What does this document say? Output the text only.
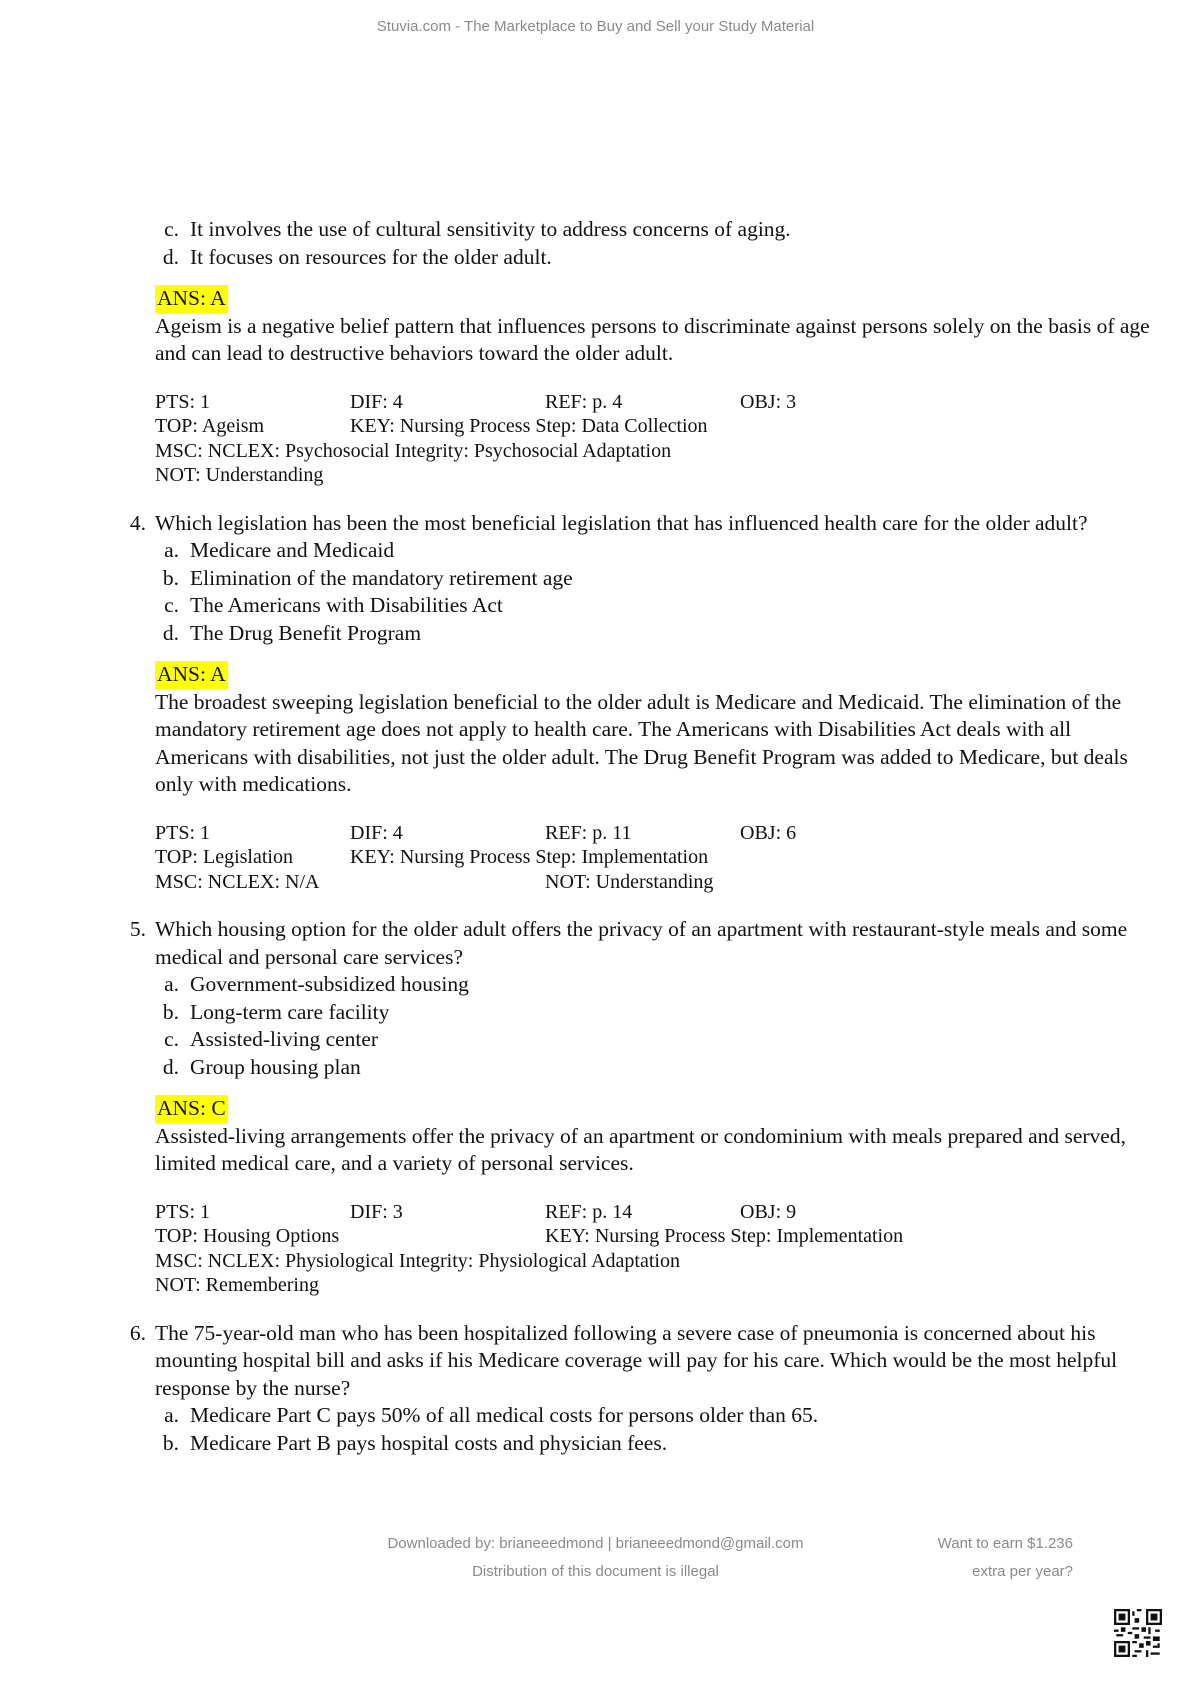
Stuvia.com - The Marketplace to Buy and Sell your Study Material
c. It involves the use of cultural sensitivity to address concerns of aging.
d. It focuses on resources for the older adult.
ANS: A
Ageism is a negative belief pattern that influences persons to discriminate against persons solely on the basis of age and can lead to destructive behaviors toward the older adult.
PTS: 1	DIF: 4	REF: p. 4	OBJ: 3
TOP: Ageism	KEY: Nursing Process Step: Data Collection
MSC: NCLEX: Psychosocial Integrity: Psychosocial Adaptation
NOT: Understanding
4. Which legislation has been the most beneficial legislation that has influenced health care for the older adult?
a. Medicare and Medicaid
b. Elimination of the mandatory retirement age
c. The Americans with Disabilities Act
d. The Drug Benefit Program
ANS: A
The broadest sweeping legislation beneficial to the older adult is Medicare and Medicaid. The elimination of the mandatory retirement age does not apply to health care. The Americans with Disabilities Act deals with all Americans with disabilities, not just the older adult. The Drug Benefit Program was added to Medicare, but deals only with medications.
PTS: 1	DIF: 4	REF: p. 11	OBJ: 6
TOP: Legislation	KEY: Nursing Process Step: Implementation
MSC: NCLEX: N/A	NOT: Understanding
5. Which housing option for the older adult offers the privacy of an apartment with restaurant-style meals and some medical and personal care services?
a. Government-subsidized housing
b. Long-term care facility
c. Assisted-living center
d. Group housing plan
ANS: C
Assisted-living arrangements offer the privacy of an apartment or condominium with meals prepared and served, limited medical care, and a variety of personal services.
PTS: 1	DIF: 3	REF: p. 14	OBJ: 9
TOP: Housing Options	KEY: Nursing Process Step: Implementation
MSC: NCLEX: Physiological Integrity: Physiological Adaptation
NOT: Remembering
6. The 75-year-old man who has been hospitalized following a severe case of pneumonia is concerned about his mounting hospital bill and asks if his Medicare coverage will pay for his care. Which would be the most helpful response by the nurse?
a. Medicare Part C pays 50% of all medical costs for persons older than 65.
b. Medicare Part B pays hospital costs and physician fees.
Downloaded by: brianeeedmond | brianeeedmond@gmail.com
Distribution of this document is illegal
Want to earn $1.236
extra per year?
